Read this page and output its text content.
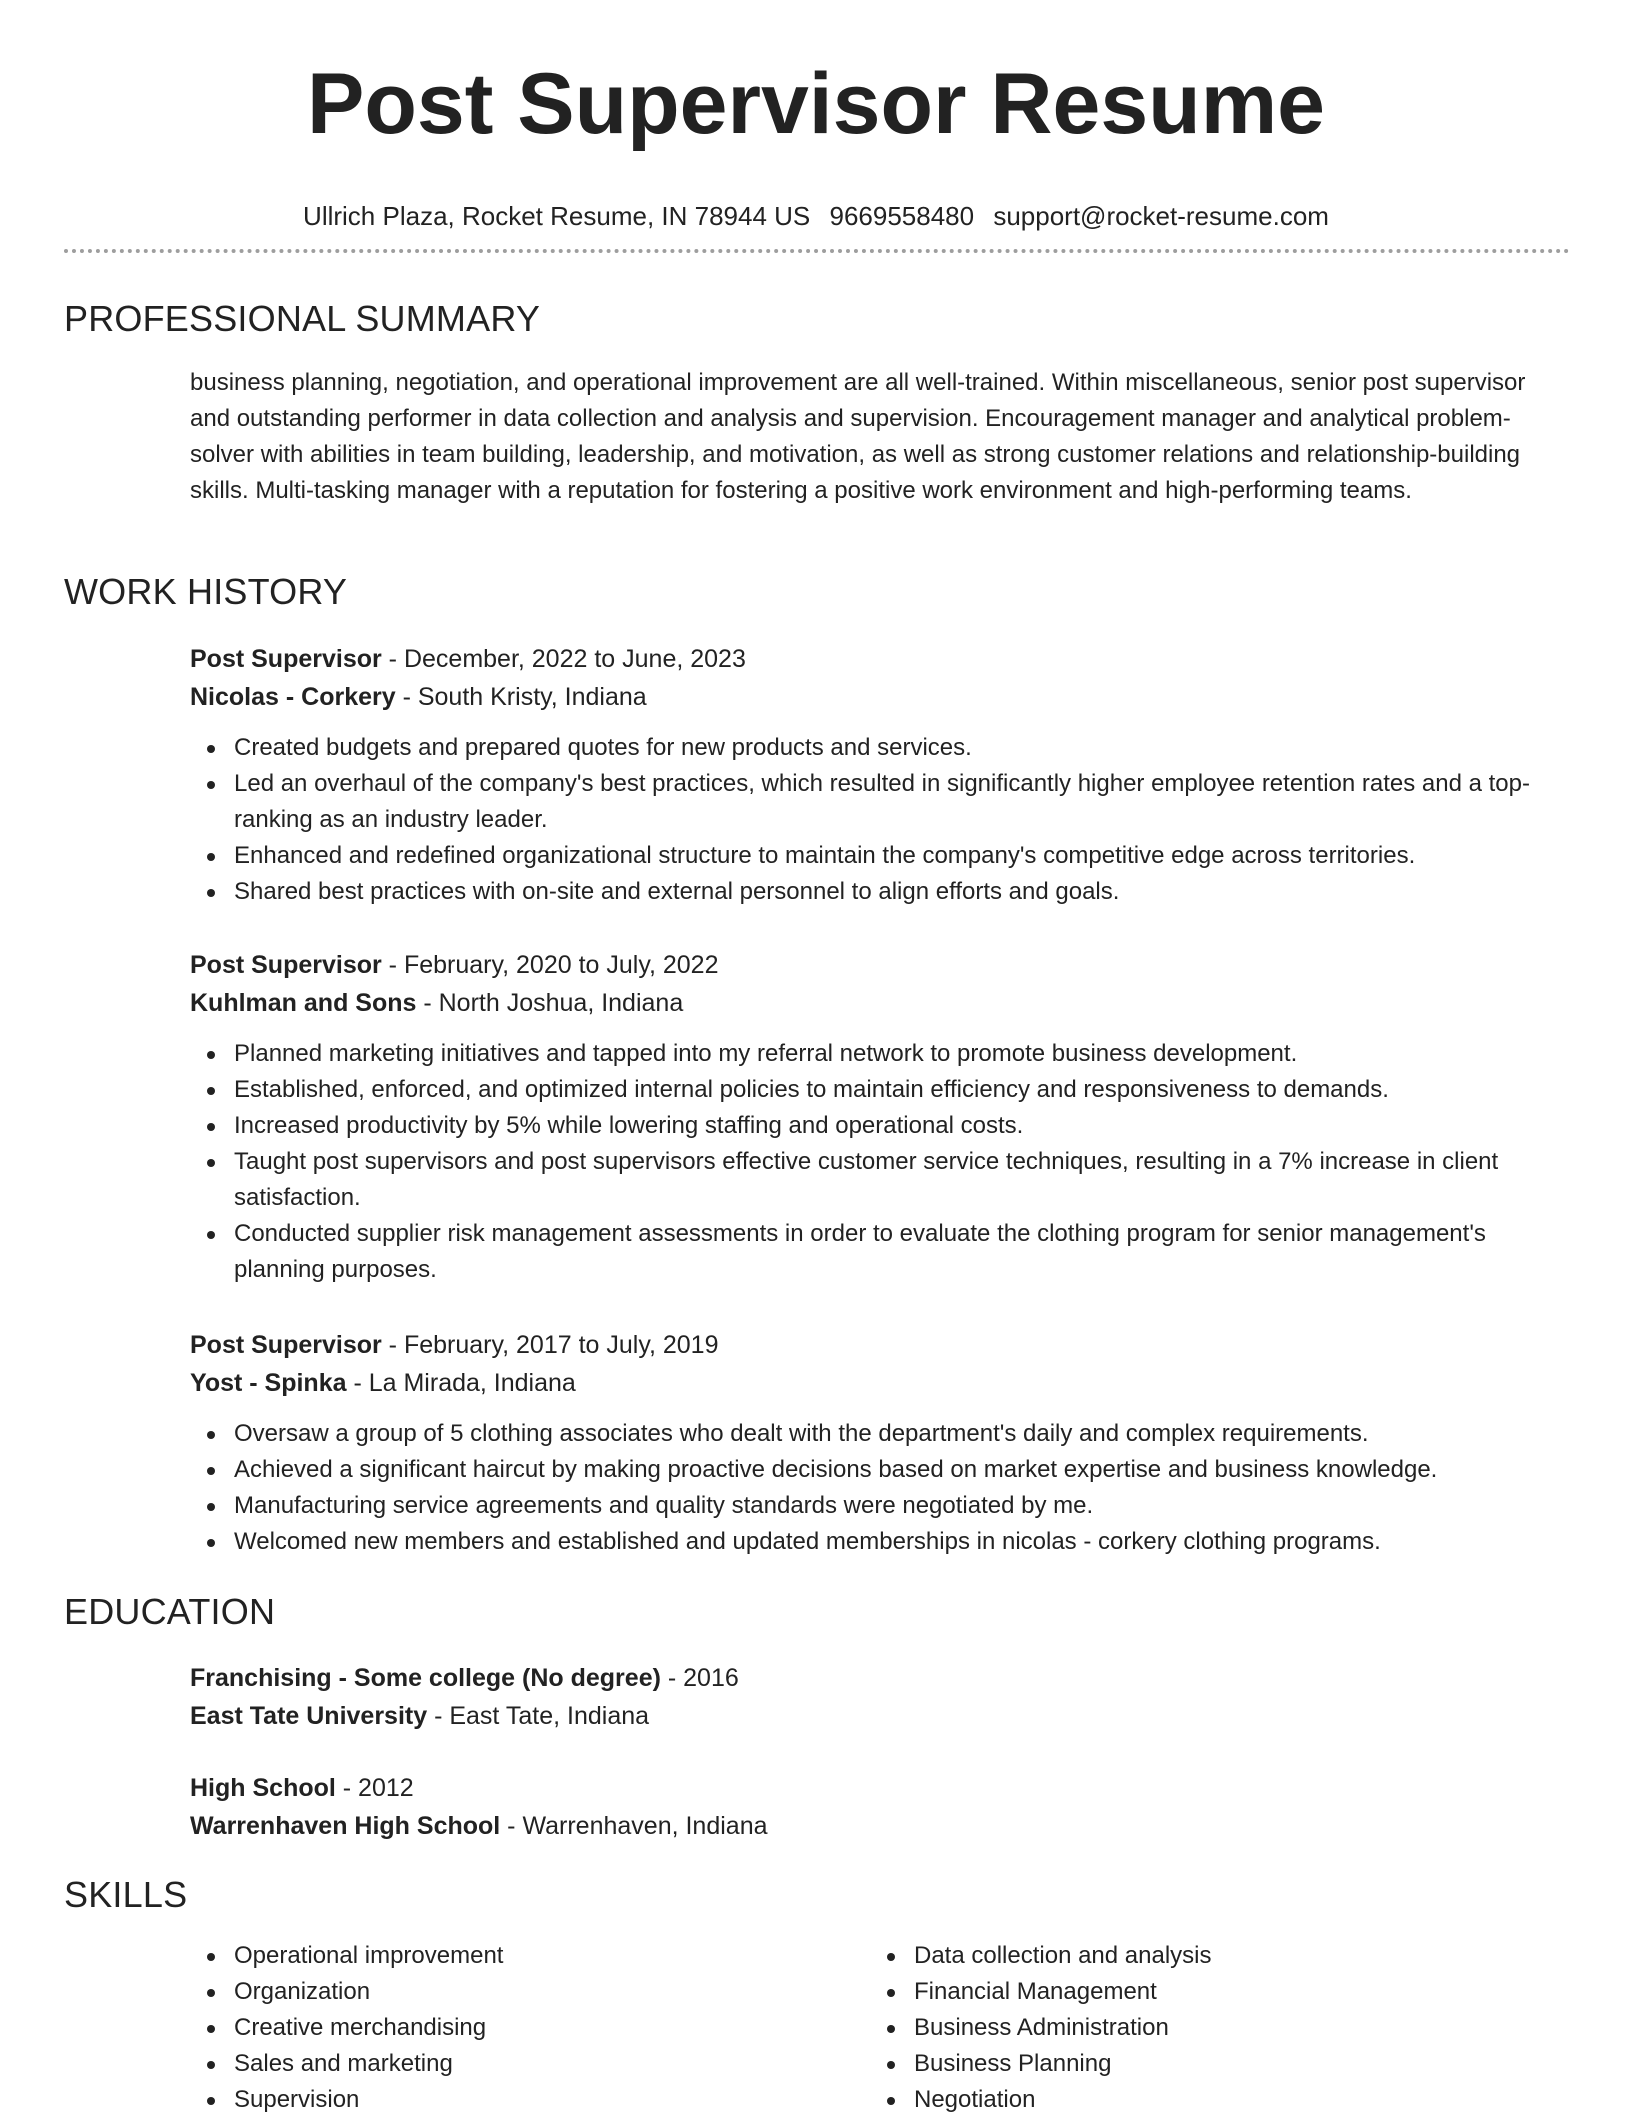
Post Supervisor Resume
Ullrich Plaza, Rocket Resume, IN 78944 US 9669558480 support@rocket-resume.com
PROFESSIONAL SUMMARY
business planning, negotiation, and operational improvement are all well-trained. Within miscellaneous, senior post supervisor and outstanding performer in data collection and analysis and supervision. Encouragement manager and analytical problem-solver with abilities in team building, leadership, and motivation, as well as strong customer relations and relationship-building skills. Multi-tasking manager with a reputation for fostering a positive work environment and high-performing teams.
WORK HISTORY
Post Supervisor - December, 2022 to June, 2023
Nicolas - Corkery - South Kristy, Indiana
Created budgets and prepared quotes for new products and services.
Led an overhaul of the company's best practices, which resulted in significantly higher employee retention rates and a top-ranking as an industry leader.
Enhanced and redefined organizational structure to maintain the company's competitive edge across territories.
Shared best practices with on-site and external personnel to align efforts and goals.
Post Supervisor - February, 2020 to July, 2022
Kuhlman and Sons - North Joshua, Indiana
Planned marketing initiatives and tapped into my referral network to promote business development.
Established, enforced, and optimized internal policies to maintain efficiency and responsiveness to demands.
Increased productivity by 5% while lowering staffing and operational costs.
Taught post supervisors and post supervisors effective customer service techniques, resulting in a 7% increase in client satisfaction.
Conducted supplier risk management assessments in order to evaluate the clothing program for senior management's planning purposes.
Post Supervisor - February, 2017 to July, 2019
Yost - Spinka - La Mirada, Indiana
Oversaw a group of 5 clothing associates who dealt with the department's daily and complex requirements.
Achieved a significant haircut by making proactive decisions based on market expertise and business knowledge.
Manufacturing service agreements and quality standards were negotiated by me.
Welcomed new members and established and updated memberships in nicolas - corkery clothing programs.
EDUCATION
Franchising - Some college (No degree) - 2016
East Tate University - East Tate, Indiana
High School - 2012
Warrenhaven High School - Warrenhaven, Indiana
SKILLS
Operational improvement
Organization
Creative merchandising
Sales and marketing
Supervision
Data collection and analysis
Financial Management
Business Administration
Business Planning
Negotiation
